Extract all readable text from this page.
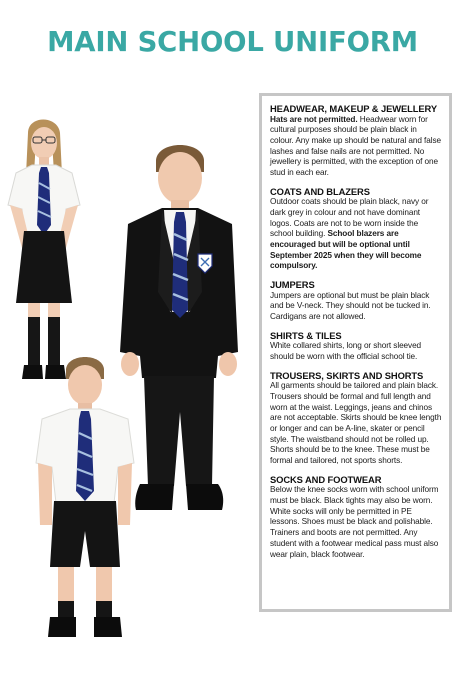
MAIN SCHOOL UNIFORM
HEADWEAR, MAKEUP & JEWELLERY

Hats are not permitted. Headwear worn for cultural purposes should be plain black in colour. Any make up should be natural and false lashes and false nails are not permitted. No jewellery is permitted, with the exception of one stud in each ear.

COATS AND BLAZERS

Outdoor coats should be plain black, navy or dark grey in colour and not have dominant logos. Coats are not to be worn inside the school building. School blazers are encouraged but will be optional until September 2025 when they will become compulsory.

JUMPERS

Jumpers are optional but must be plain black and be V-neck. They should not be tucked in. Cardigans are not allowed.

SHIRTS & TILES

White collared shirts, long or short sleeved should be worn with the official school tie.

TROUSERS, SKIRTS AND SHORTS

All garments should be tailored and plain black. Trousers should be formal and full length and worn at the waist. Leggings, jeans and chinos are not acceptable. Skirts should be knee length or longer and can be A-line, skater or pencil style. The waistband should not be rolled up. Shorts should be to the knee. These must be formal and tailored, not sports shorts.

SOCKS AND FOOTWEAR

Below the knee socks worn with school uniform must be black. Black tights may also be worn. White socks will only be permitted in PE lessons. Shoes must be black and polishable. Trainers and boots are not permitted. Any student with a footwear medical pass must also wear plain, black footwear.
